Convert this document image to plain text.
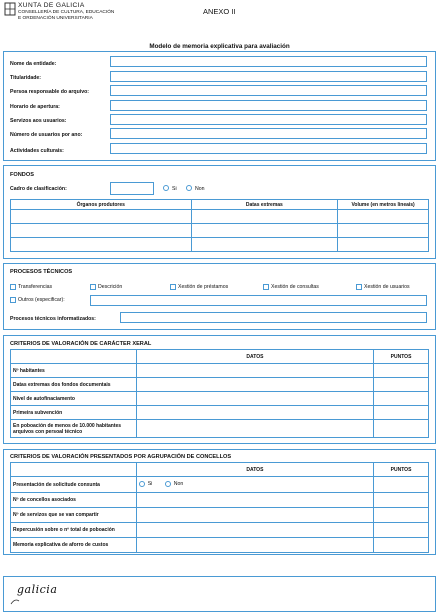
XUNTA DE GALICIA
CONSELLERÍA DE CULTURA, EDUCACIÓN
E ORDENACIÓN UNIVERSITARIA
ANEXO II
Modelo de memoria explicativa para avaliación
Nome da entidade:
Titularidade:
Persoa responsable do arquivo:
Horario de apertura:
Servizos aos usuarios:
Número de usuarios por ano:
Actividades culturais:
FONDOS
Cadro de clasificación:	Si	Non
Órganos produtores	Datas extremas	Volume (en metros lineais)

PROCESOS TÉCNICOS
Transferencias	Descrición	Xestión de préstamos	Xestión de consultas	Xestión de usuarios
Outros (especificar):
Procesos técnicos informatizados:
CRITERIOS DE VALORACIÓN DE CARÁCTER XERAL
	DATOS	PUNTOS
Nº habitantes		
Datas extremas dos fondos documentais		
Nivel de autofinaciamento		
Primeira subvención		
En poboación de menos de 10.000 habitantes arquivos con persoal técnico		
CRITERIOS DE VALORACIÓN PRESENTADOS POR AGRUPACIÓN DE CONCELLOS
	DATOS	PUNTOS
Presentación de solicitude conxunta	Si Non	

Nº de concellos asociados		
Nº de servizos que se van compartir		
Repercusión sobre o nº total de poboación		
Memoria explicativa de aforro de custos		
galicia
